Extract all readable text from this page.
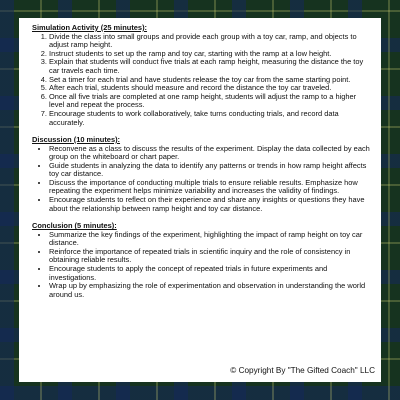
Simulation Activity (25 minutes):

1. Divide the class into small groups and provide each group with a toy car, ramp, and objects to adjust ramp height.
2. Instruct students to set up the ramp and toy car, starting with the ramp at a low height.
3. Explain that students will conduct five trials at each ramp height, measuring the distance the toy car travels each time.
4. Set a timer for each trial and have students release the toy car from the same starting point.
5. After each trial, students should measure and record the distance the toy car traveled.
6. Once all five trials are completed at one ramp height, students will adjust the ramp to a higher level and repeat the process.
7. Encourage students to work collaboratively, take turns conducting trials, and record data accurately.

Discussion (10 minutes):

• Reconvene as a class to discuss the results of the experiment. Display the data collected by each group on the whiteboard or chart paper.
• Guide students in analyzing the data to identify any patterns or trends in how ramp height affects toy car distance.
• Discuss the importance of conducting multiple trials to ensure reliable results. Emphasize how repeating the experiment helps minimize variability and increases the validity of findings.
• Encourage students to reflect on their experience and share any insights or questions they have about the relationship between ramp height and toy car distance.

Conclusion (5 minutes):

• Summarize the key findings of the experiment, highlighting the impact of ramp height on toy car distance.
• Reinforce the importance of repeated trials in scientific inquiry and the role of consistency in obtaining reliable results.
• Encourage students to apply the concept of repeated trials in future experiments and investigations.
• Wrap up by emphasizing the role of experimentation and observation in understanding the world around us.
© Copyright By "The Gifted Coach" LLC
